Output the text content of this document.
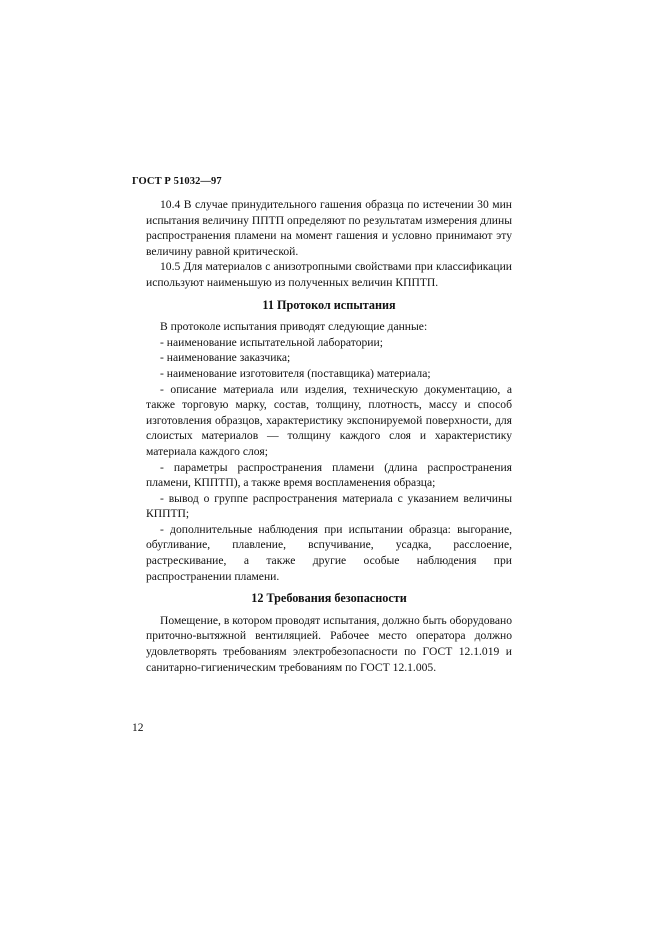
ГОСТ Р 51032—97

10.4 В случае принудительного гашения образца по истечении 30 мин испытания величину ППТП определяют по результатам измерения длины распространения пламени на момент гашения и условно принимают эту величину равной критической.

10.5 Для материалов с анизотропными свойствами при классификации используют наименьшую из полученных величин КППТП.

11 Протокол испытания

В протоколе испытания приводят следующие данные:

- наименование испытательной лаборатории;

- наименование заказчика;

- наименование изготовителя (поставщика) материала;

- описание материала или изделия, техническую документацию, а также торговую марку, состав, толщину, плотность, массу и способ изготовления образцов, характеристику экспонируемой поверхности, для слоистых материалов — толщину каждого слоя и характеристику материала каждого слоя;

- параметры распространения пламени (длина распространения пламени, КППТП), а также время воспламенения образца;

- вывод о группе распространения материала с указанием величины КППТП;

- дополнительные наблюдения при испытании образца: выгорание, обугливание, плавление, вспучивание, усадка, расслоение, растрескивание, а также другие особые наблюдения при распространении пламени.

12 Требования безопасности

Помещение, в котором проводят испытания, должно быть оборудовано приточно-вытяжной вентиляцией. Рабочее место оператора должно удовлетворять требованиям электробезопасности по ГОСТ 12.1.019 и санитарно-гигиеническим требованиям по ГОСТ 12.1.005.

12
